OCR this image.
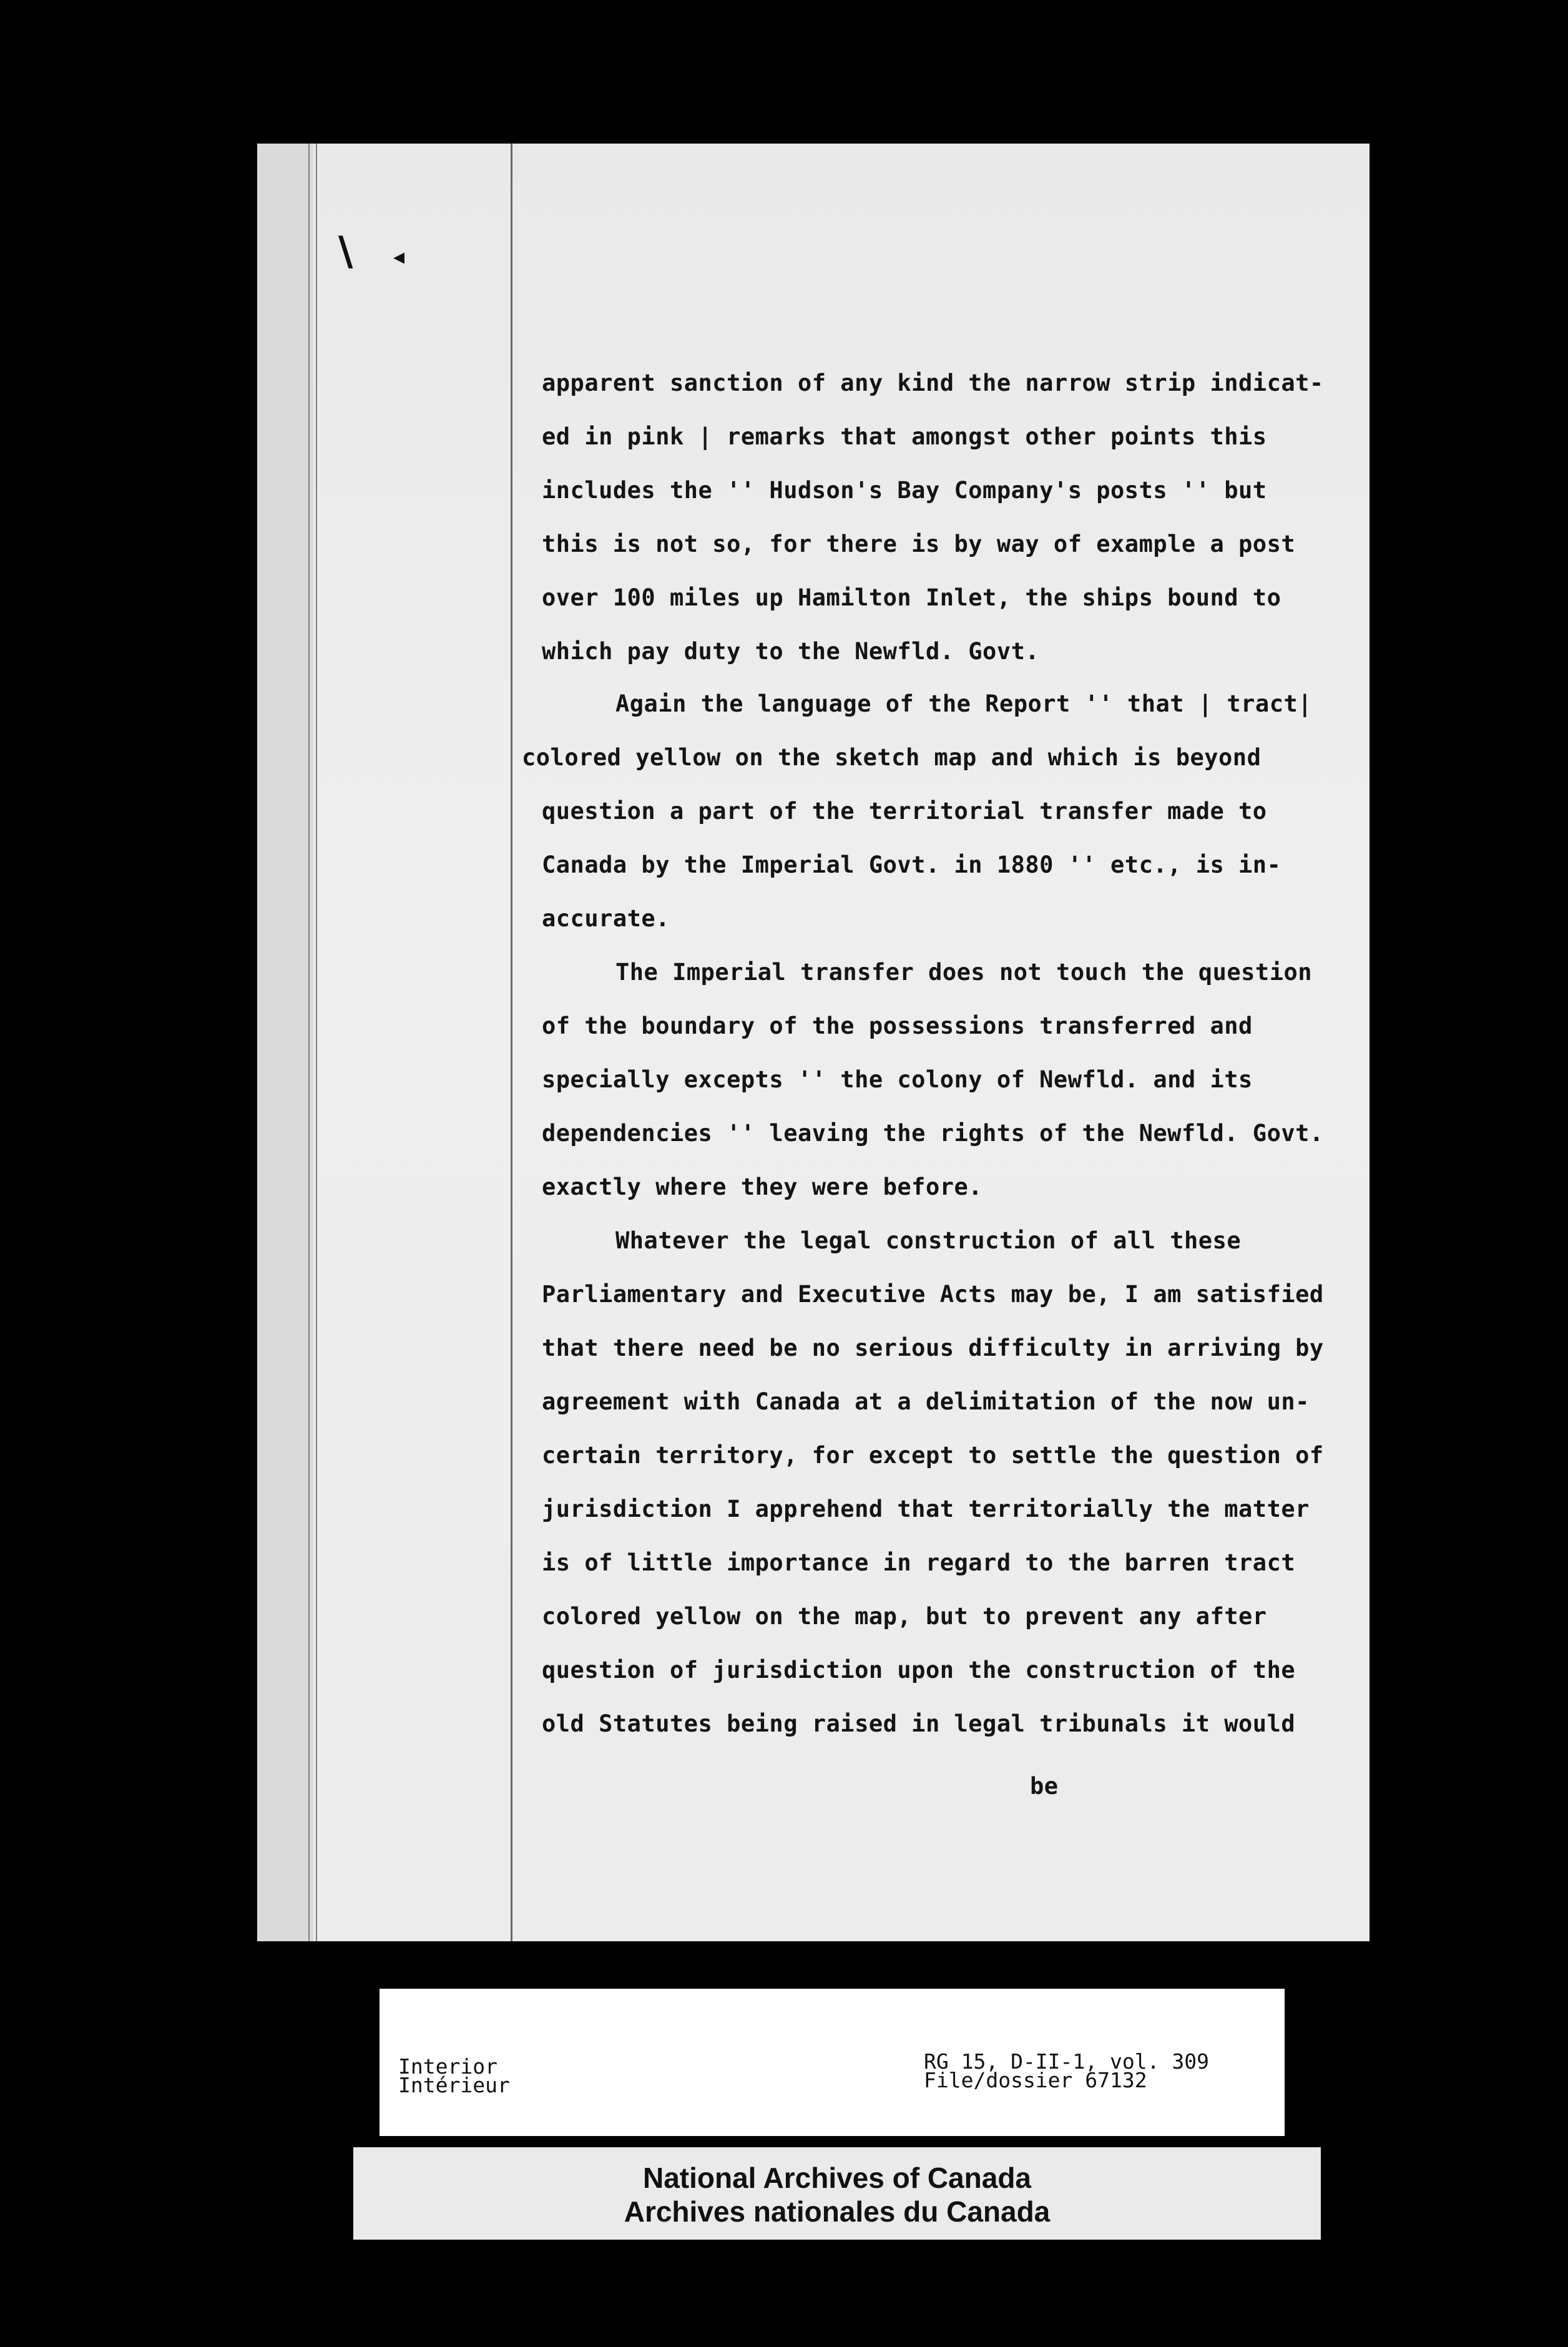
\ ◂
apparent sanction of any kind the narrow strip indicat-
ed in pink | remarks that amongst other points this
includes the '' Hudson's Bay Company's posts '' but
this is not so, for there is by way of example a post
over 100 miles up Hamilton Inlet, the ships bound to
which pay duty to the Newfld. Govt.
Again the language of the Report '' that | tract|
colored yellow on the sketch map and which is beyond
question a part of the territorial transfer made to
Canada by the Imperial Govt. in 1880 '' etc., is in-
accurate.
The Imperial transfer does not touch the question
of the boundary of the possessions transferred and
specially excepts '' the colony of Newfld. and its
dependencies '' leaving the rights of the Newfld. Govt.
exactly where they were before.
Whatever the legal construction of all these
Parliamentary and Executive Acts may be, I am satisfied
that there need be no serious difficulty in arriving by
agreement with Canada at a delimitation of the now un-
certain territory, for except to settle the question of
jurisdiction I apprehend that territorially the matter
is of little importance in regard to the barren tract
colored yellow on the map, but to prevent any after
question of jurisdiction upon the construction of the
old Statutes being raised in legal tribunals it would
be
Interior
Intérieur
RG 15, D-II-1, vol. 309
File/dossier 67132
National Archives of Canada
Archives nationales du Canada
